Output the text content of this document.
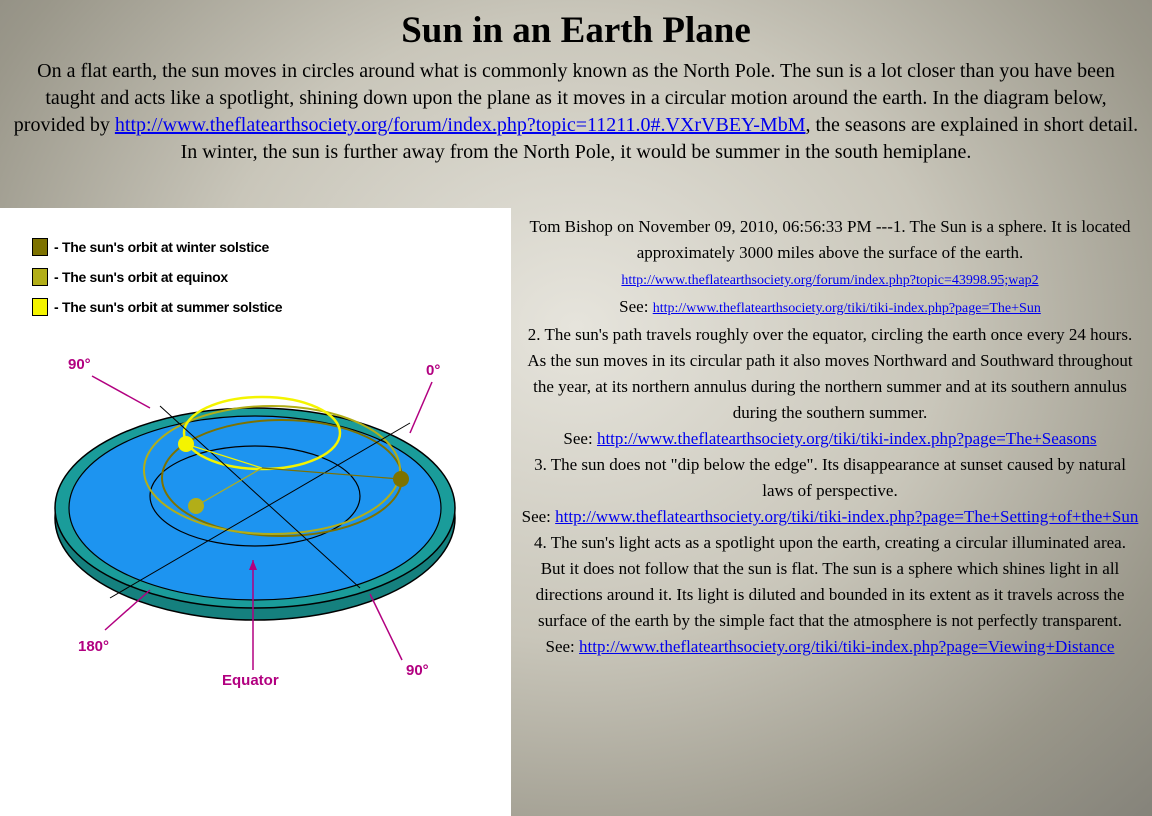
Sun in an Earth Plane
On a flat earth, the sun moves in circles around what is commonly known as the North Pole. The sun is a lot closer than you have been taught and acts like a spotlight, shining down upon the plane as it moves in a circular motion around the earth. In the diagram below, provided by http://www.theflatearthsociety.org/forum/index.php?topic=11211.0#.VXrVBEY-MbM, the seasons are explained in short detail. In winter, the sun is further away from the North Pole, it would be summer in the south hemiplane.
- The sun's orbit at winter solstice
- The sun's orbit at equinox
- The sun's orbit at summer solstice
90°	0°
180°
90°
Equator
Tom Bishop on November 09, 2010, 06:56:33 PM ---1. The Sun is a sphere. It is located approximately 3000 miles above the surface of the earth. http://www.theflatearthsociety.org/forum/index.php?topic=43998.95;wap2
See: http://www.theflatearthsociety.org/tiki/tiki-index.php?page=The+Sun
2. The sun's path travels roughly over the equator, circling the earth once every 24 hours. As the sun moves in its circular path it also moves Northward and Southward throughout the year, at its northern annulus during the northern summer and at its southern annulus during the southern summer.
See: http://www.theflatearthsociety.org/tiki/tiki-index.php?page=The+Seasons
3. The sun does not "dip below the edge". Its disappearance at sunset caused by natural laws of perspective.
See: http://www.theflatearthsociety.org/tiki/tiki-index.php?page=The+Setting+of+the+Sun
4. The sun's light acts as a spotlight upon the earth, creating a circular illuminated area. But it does not follow that the sun is flat. The sun is a sphere which shines light in all directions around it. Its light is diluted and bounded in its extent as it travels across the surface of the earth by the simple fact that the atmosphere is not perfectly transparent.
See: http://www.theflatearthsociety.org/tiki/tiki-index.php?page=Viewing+Distance
